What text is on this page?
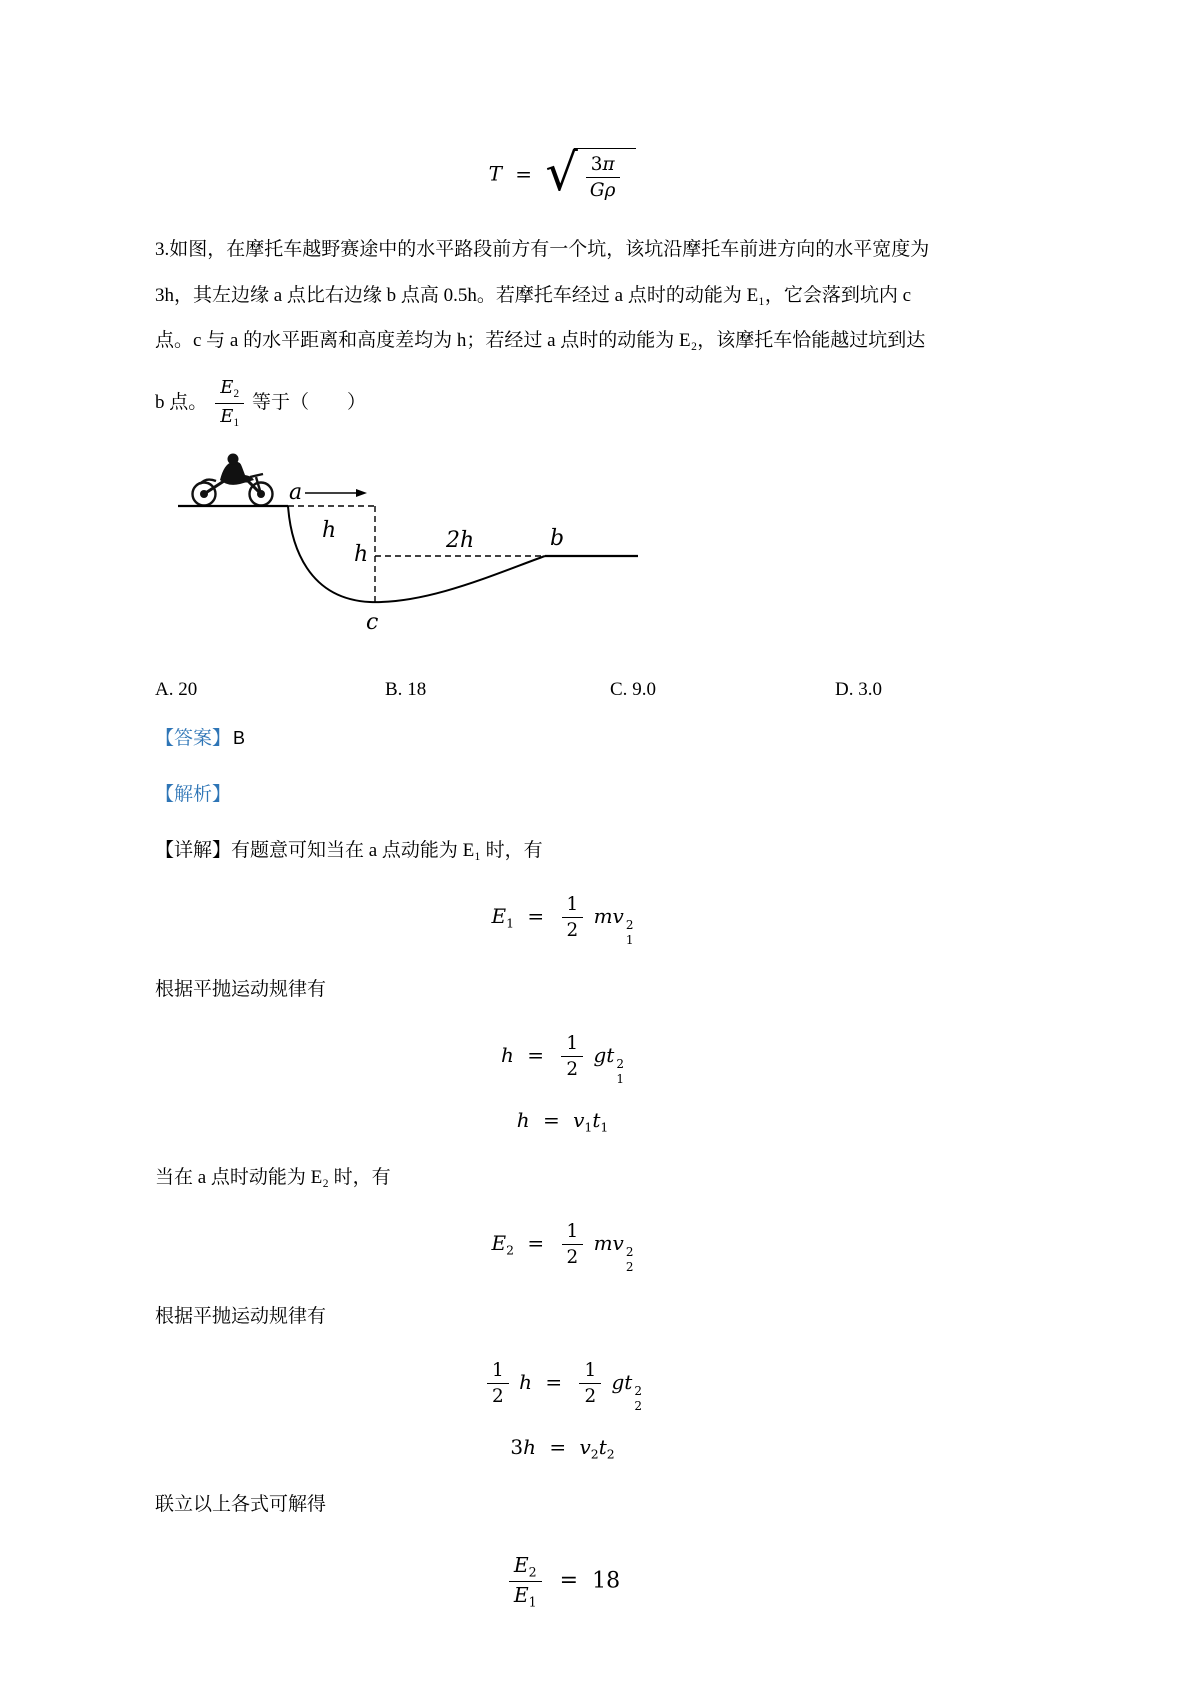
T = √ $\frac{3\pi}{G\rho}$

3.如图，在摩托车越野赛途中的水平路段前方有一个坑，该坑沿摩托车前进方向的水平宽度为

3h，其左边缘 a 点比右边缘 b 点高 0.5h。若摩托车经过 a 点时的动能为 E₁，它会落到坑内 c

点。c 与 a 的水平距离和高度差均为 h；若经过 a 点时的动能为 E₂，该摩托车恰能越过坑到达

b 点。 $\frac{E_2}{E_1}$ 等于（　　）
a
h
h
2h	b
c
A. 20	B. 18	C. 9.0	D. 3.0

【答案】 B

【解析】

【详解】有题意可知当在 a 点动能为 E₁ 时，有

$E_1 = \frac{1}{2}$ mv 2
1

根据平抛运动规律有

$h = \frac{1}{2}$ gt 2
1
$h = v_1t_1$

当在 a 点时动能为 E₂ 时，有

$E_2 = \frac{1}{2}$ mv 2
2

根据平抛运动规律有

$\frac{1}{2}$ $h = \frac{1}{2}$ gt 2
2
$3h = v_2t_2$

联立以上各式可解得

$\frac{E_2}{E_1} = 18$
